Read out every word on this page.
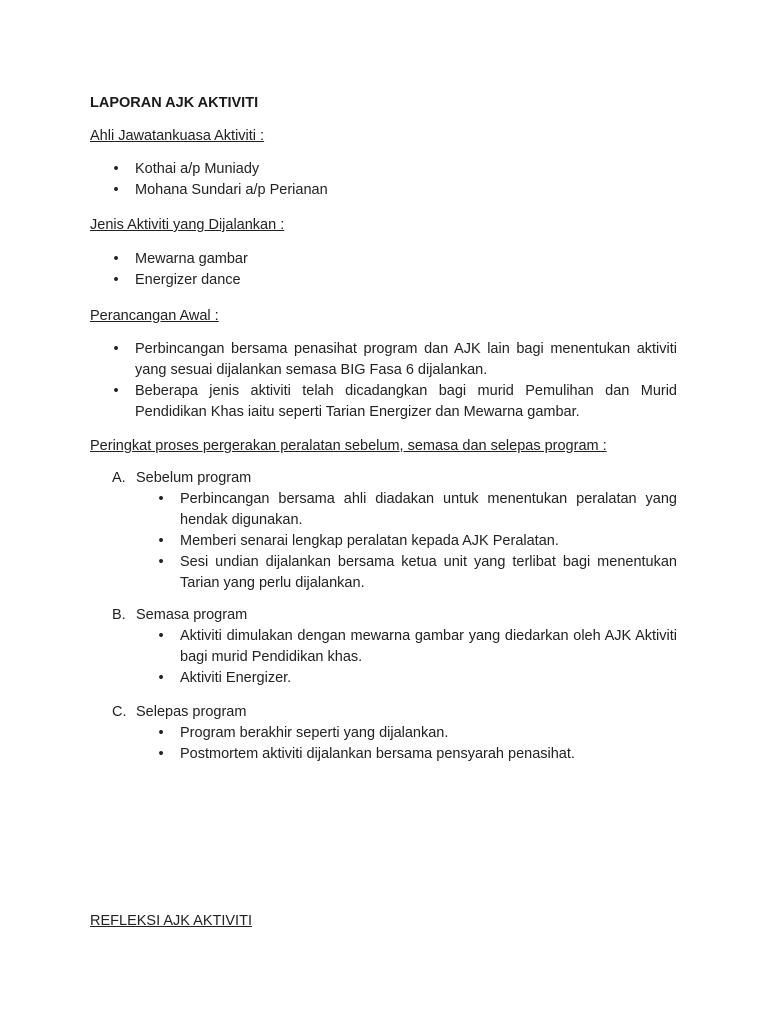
LAPORAN AJK AKTIVITI
Ahli Jawatankuasa Aktiviti :
• Kothai a/p Muniady
• Mohana Sundari a/p Perianan
Jenis Aktiviti yang Dijalankan :
• Mewarna gambar
• Energizer dance
Perancangan Awal :
• Perbincangan bersama penasihat program dan AJK lain bagi menentukan aktiviti yang sesuai dijalankan semasa BIG Fasa 6 dijalankan.
• Beberapa jenis aktiviti telah dicadangkan bagi murid Pemulihan dan Murid Pendidikan Khas iaitu seperti Tarian Energizer dan Mewarna gambar.
Peringkat proses pergerakan peralatan sebelum, semasa dan selepas program :
A. Sebelum program
• Perbincangan bersama ahli diadakan untuk menentukan peralatan yang hendak digunakan.
• Memberi senarai lengkap peralatan kepada AJK Peralatan.
• Sesi undian dijalankan bersama ketua unit yang terlibat bagi menentukan Tarian yang perlu dijalankan.
B. Semasa program
• Aktiviti dimulakan dengan mewarna gambar yang diedarkan oleh AJK Aktiviti bagi murid Pendidikan khas.
• Aktiviti Energizer.
C. Selepas program
• Program berakhir seperti yang dijalankan.
• Postmortem aktiviti dijalankan bersama pensyarah penasihat.
REFLEKSI AJK AKTIVITI
